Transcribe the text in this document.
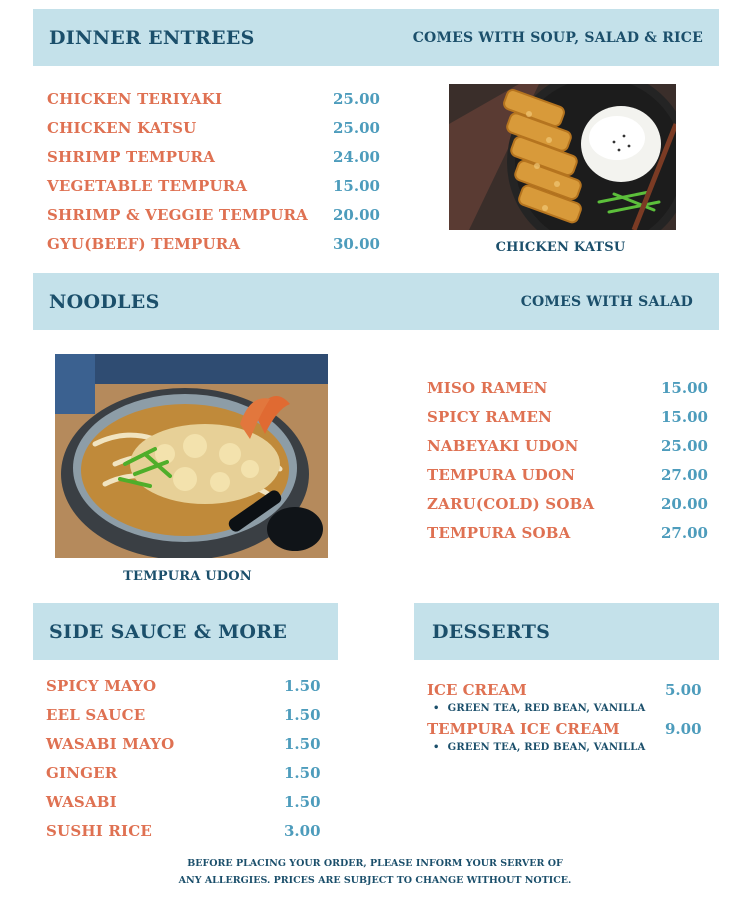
DINNER ENTREES	COMES WITH SOUP, SALAD & RICE
CHICKEN TERIYAKI	25.00
CHICKEN KATSU	25.00
SHRIMP TEMPURA	24.00
VEGETABLE TEMPURA	15.00
SHRIMP & VEGGIE TEMPURA 20.00
GYU(BEEF) TEMPURA	30.00	CHICKEN KATSU
NOODLES	COMES WITH SALAD
TEMPURA UDON
MISO RAMEN	15.00
SPICY RAMEN	15.00
NABEYAKI UDON	25.00
TEMPURA UDON	27.00
ZARU(COLD) SOBA	20.00
TEMPURA SOBA	27.00
SIDE SAUCE & MORE
SPICY MAYO	1.50
EEL SAUCE	1.50
WASABI MAYO	1.50
GINGER	1.50
WASABI	1.50
SUSHI RICE	3.00
DESSERTS
ICE CREAM	5.00
• GREEN TEA, RED BEAN, VANILLA
TEMPURA ICE CREAM	9.00
• GREEN TEA, RED BEAN, VANILLA
BEFORE PLACING YOUR ORDER, PLEASE INFORM YOUR SERVER OF
ANY ALLERGIES. PRICES ARE SUBJECT TO CHANGE WITHOUT NOTICE.
